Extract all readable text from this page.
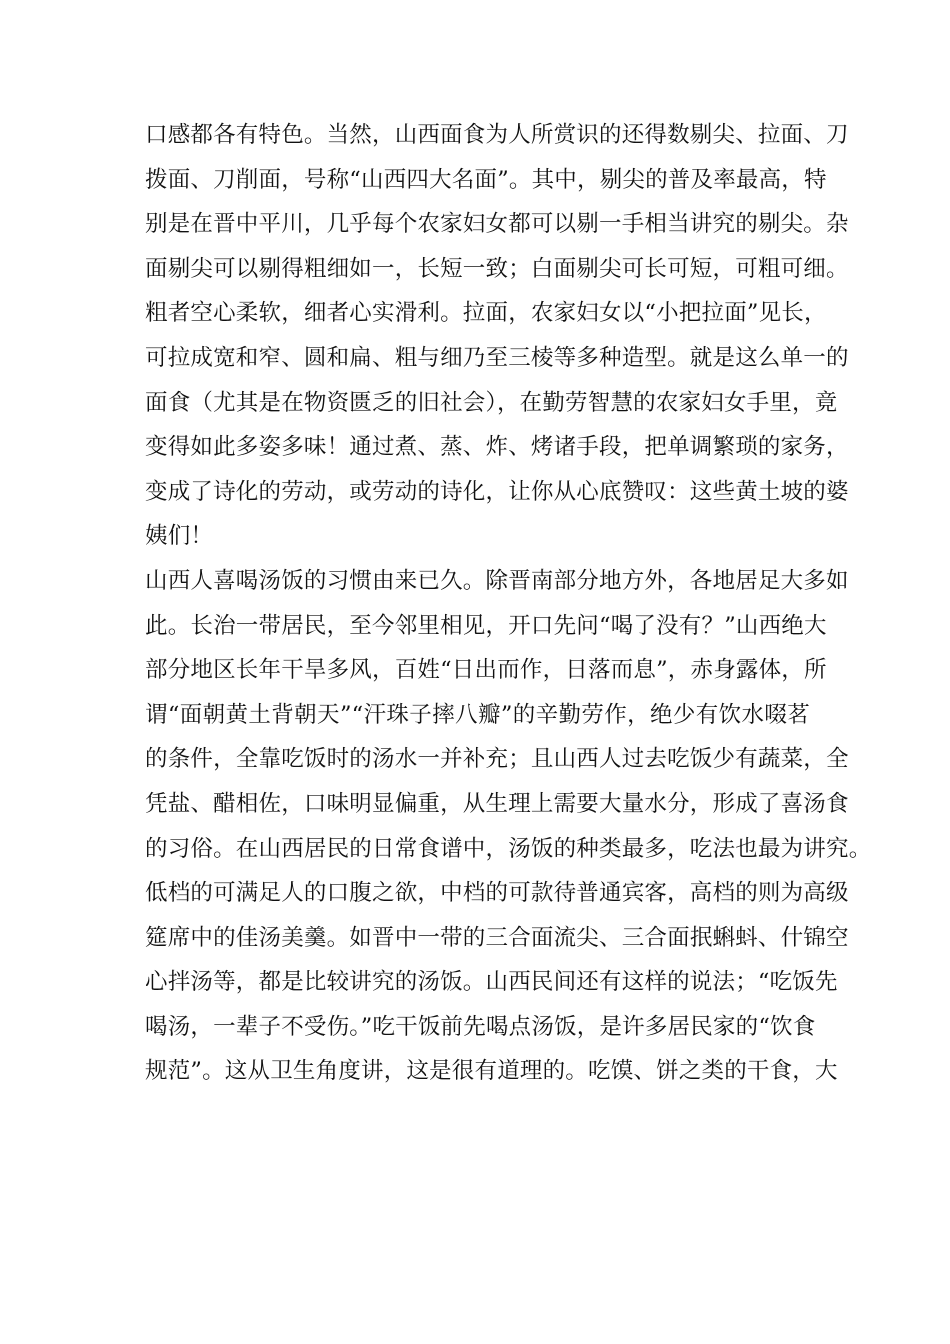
口感都各有特色。当然，山西面食为人所赏识的还得数剔尖、拉面、刀
拨面、刀削面，号称“山西四大名面”。其中，剔尖的普及率最高，特
别是在晋中平川，几乎每个农家妇女都可以剔一手相当讲究的剔尖。杂
面剔尖可以剔得粗细如一，长短一致；白面剔尖可长可短，可粗可细。
粗者空心柔软，细者心实滑利。拉面，农家妇女以“小把拉面”见长，
可拉成宽和窄、圆和扁、粗与细乃至三棱等多种造型。就是这么单一的
面食（尤其是在物资匮乏的旧社会），在勤劳智慧的农家妇女手里，竟
变得如此多姿多味！通过煮、蒸、炸、烤诸手段，把单调繁琐的家务，
变成了诗化的劳动，或劳动的诗化，让你从心底赞叹：这些黄土坡的婆
姨们！
山西人喜喝汤饭的习惯由来已久。除晋南部分地方外，各地居足大多如
此。长治一带居民，至今邻里相见，开口先问“喝了没有？”山西绝大
部分地区长年干旱多风，百姓“日出而作，日落而息”，赤身露体，所
谓“面朝黄土背朝天”“汗珠子摔八瓣”的辛勤劳作，绝少有饮水啜茗
的条件，全靠吃饭时的汤水一并补充；且山西人过去吃饭少有蔬菜，全
凭盐、醋相佐，口味明显偏重，从生理上需要大量水分，形成了喜汤食
的习俗。在山西居民的日常食谱中，汤饭的种类最多，吃法也最为讲究。
低档的可满足人的口腹之欲，中档的可款待普通宾客，高档的则为高级
筵席中的佳汤美羹。如晋中一带的三合面流尖、三合面抿蝌蚪、什锦空
心拌汤等，都是比较讲究的汤饭。山西民间还有这样的说法；“吃饭先
喝汤，一辈子不受伤。”吃干饭前先喝点汤饭，是许多居民家的“饮食
规范”。这从卫生角度讲，这是很有道理的。吃馍、饼之类的干食，大
